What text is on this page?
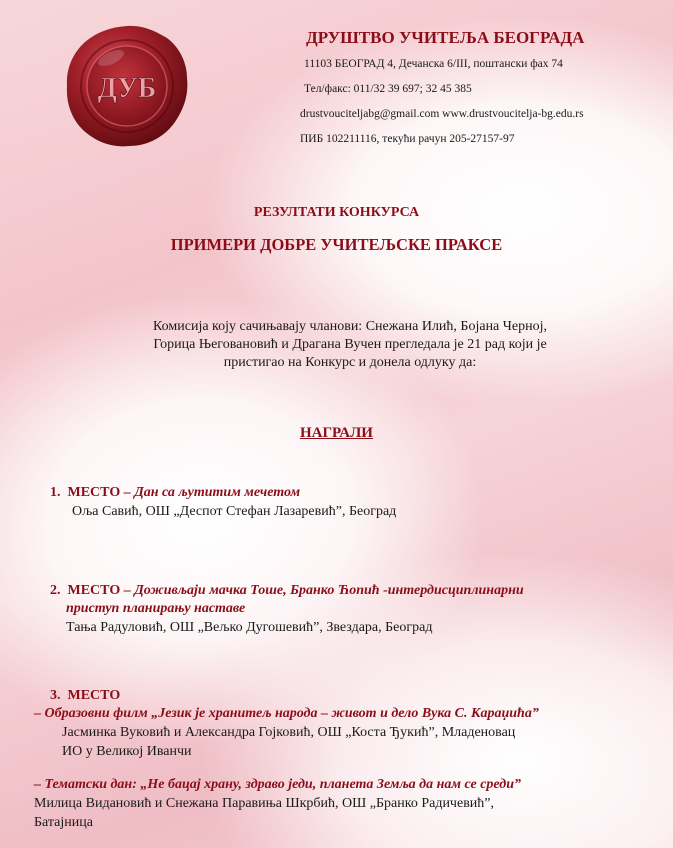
ДУБ
ДРУШТВО УЧИТЕЉА БЕОГРАДА
11103 БЕОГРАД 4, Дечанска 6/III, поштански фах 74
Тел/факс: 011/32 39 697; 32 45 385
drustvouciteljabg@gmail.com www.drustvoucitelja-bg.edu.rs
ПИБ 102211116, текући рачун 205-27157-97
РЕЗУЛТАТИ КОНКУРСА
ПРИМЕРИ ДОБРЕ УЧИТЕЉСКЕ ПРАКСЕ
Комисија коју сачињавају чланови: Снежана Илић, Бојана Черној,
Горица Његовановић и Драгана Вучен прегледала је 21 рад који је
пристигао на Конкурс и донела одлуку да:
НАГРАЛИ
1. МЕСТО – Дан са љутитим мечетом
Оља Савић, ОШ „Деспот Стефан Лазаревић”, Београд
2. МЕСТО – Доживљаји мачка Тоше, Бранко Ћопић -интердисциплинарни
приступ планирању наставе
Тања Радуловић, ОШ „Вељко Дугошевић”, Звездара, Београд
3. МЕСТО
– Образовни филм „Језик је хранитељ народа – живот и дело Вука С. Караџића”
Јасминка Вуковић и Александра Гојковић, ОШ „Коста Ђукић”, Младеновац
ИО у Великој Иванчи
– Тематски дан: „Не бацај храну, здраво једи, планета Земља да нам се среди”
Милица Видановић и Снежана Паравиња Шкрбић, ОШ „Бранко Радичевић”,
Батајница
